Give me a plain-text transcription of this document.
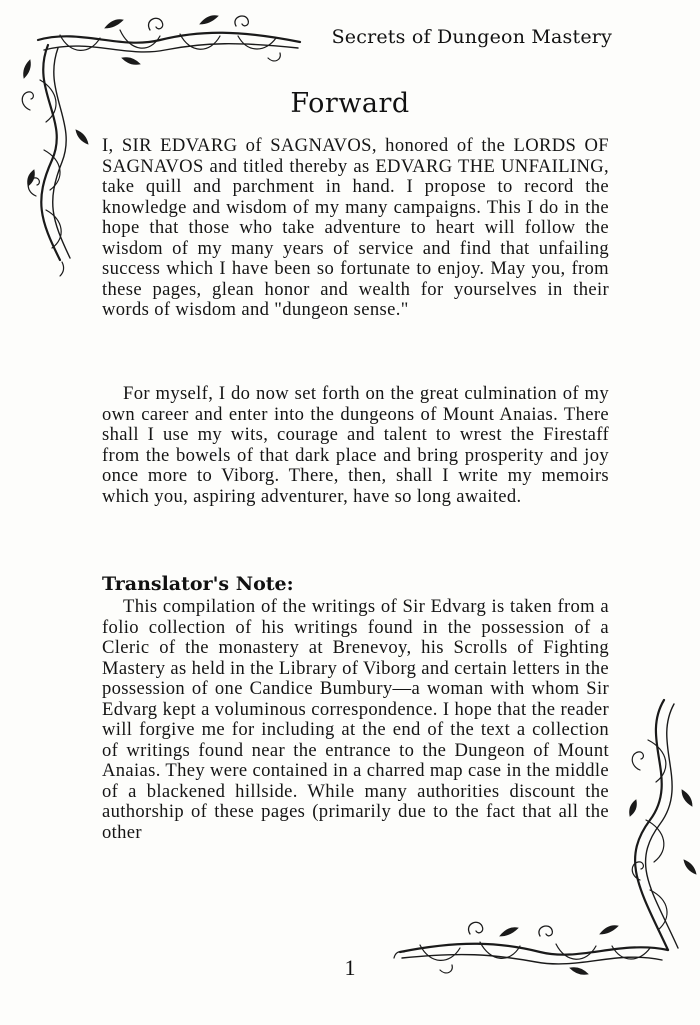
Secrets of Dungeon Mastery
Forward

I, SIR EDVARG of SAGNAVOS, honored of the LORDS OF SAGNAVOS and titled thereby as EDVARG THE UNFAILING, take quill and parchment in hand. I propose to record the knowledge and wisdom of my many campaigns. This I do in the hope that those who take adventure to heart will follow the wisdom of my many years of service and find that unfailing success which I have been so fortunate to enjoy. May you, from these pages, glean honor and wealth for yourselves in their words of wisdom and "dungeon sense."

For myself, I do now set forth on the great culmination of my own career and enter into the dungeons of Mount Anaias. There shall I use my wits, courage and talent to wrest the Firestaff from the bowels of that dark place and bring prosperity and joy once more to Viborg. There, then, shall I write my memoirs which you, aspiring adventurer, have so long awaited.

Translator's Note:

This compilation of the writings of Sir Edvarg is taken from a folio collection of his writings found in the possession of a Cleric of the monastery at Brenevoy, his Scrolls of Fighting Mastery as held in the Library of Viborg and certain letters in the possession of one Candice Bumbury—a woman with whom Sir Edvarg kept a voluminous correspondence. I hope that the reader will forgive me for including at the end of the text a collection of writings found near the entrance to the Dungeon of Mount Anaias. They were contained in a charred map case in the middle of a blackened hillside. While many authorities discount the authorship of these pages (primarily due to the fact that all the other

1
